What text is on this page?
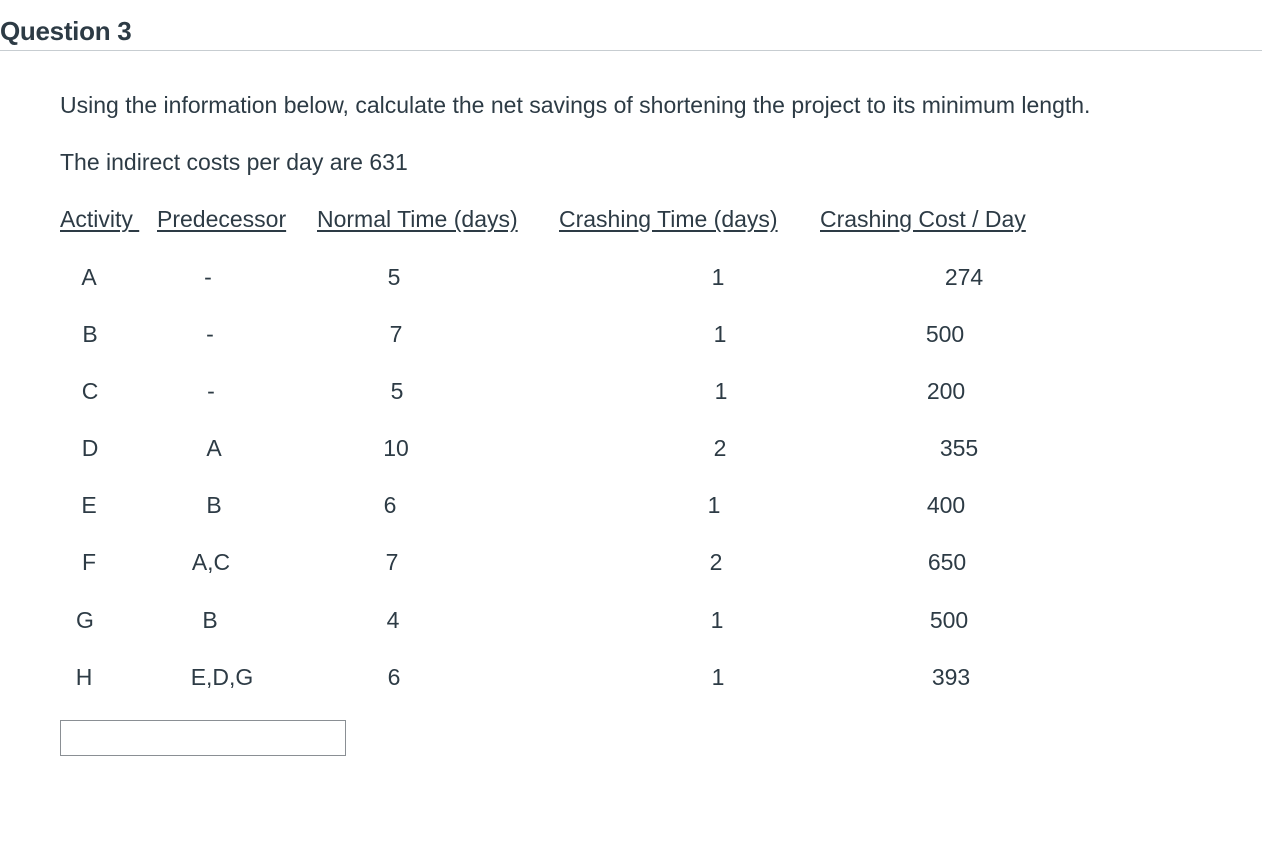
Question 3
Using the information below, calculate the net savings of shortening the project to its minimum length.
The indirect costs per day are 631
Activity Predecessor Normal Time (days) Crashing Time (days) Crashing Cost / Day
A	-	5	1	274
B	-	7	1	500
C	-	5	1	200
D	A	10	2	355
E	B	6	1	400
F	A,C	7	2	650
G	B	4	1	500
H	E,D,G	6	1	393
